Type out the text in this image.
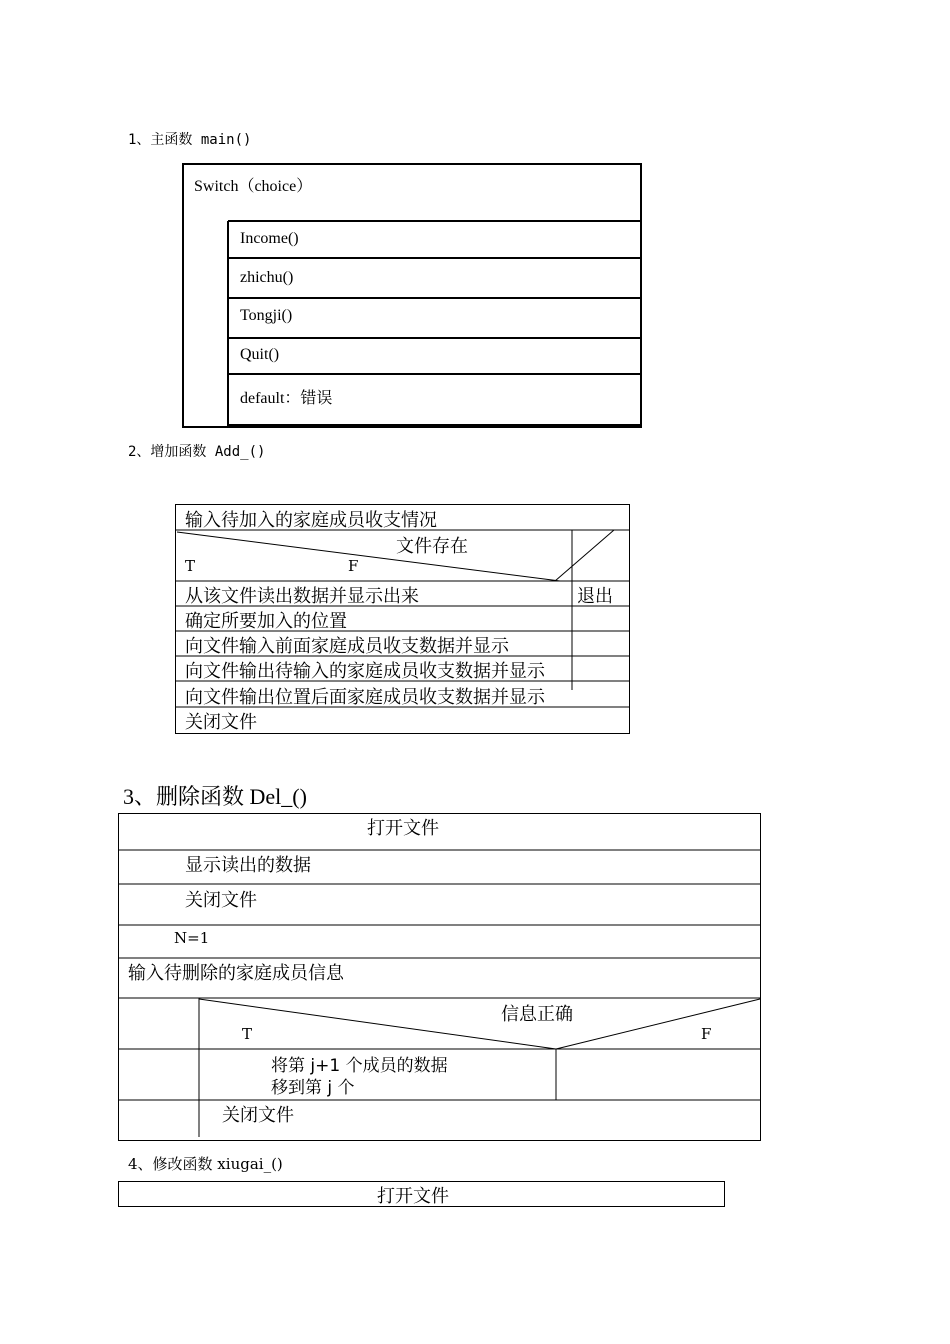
1、主函数 main()
2、增加函数 Add_()
3、删除函数 Del_()
4、修改函数 xiugai_()
Switch（choice）
Income()
zhichu()
Tongji()
Quit()
default：错误
输入待加入的家庭成员收支情况
文件存在
T	F
从该文件读出数据并显示出来	退出
确定所要加入的位置
向文件输入前面家庭成员收支数据并显示
向文件输出待输入的家庭成员收支数据并显示
向文件输出位置后面家庭成员收支数据并显示
关闭文件
打开文件
显示读出的数据
关闭文件
N=1
输入待删除的家庭成员信息
信息正确
T	F
将第 j+1 个成员的数据
移到第 j 个
关闭文件
打开文件
